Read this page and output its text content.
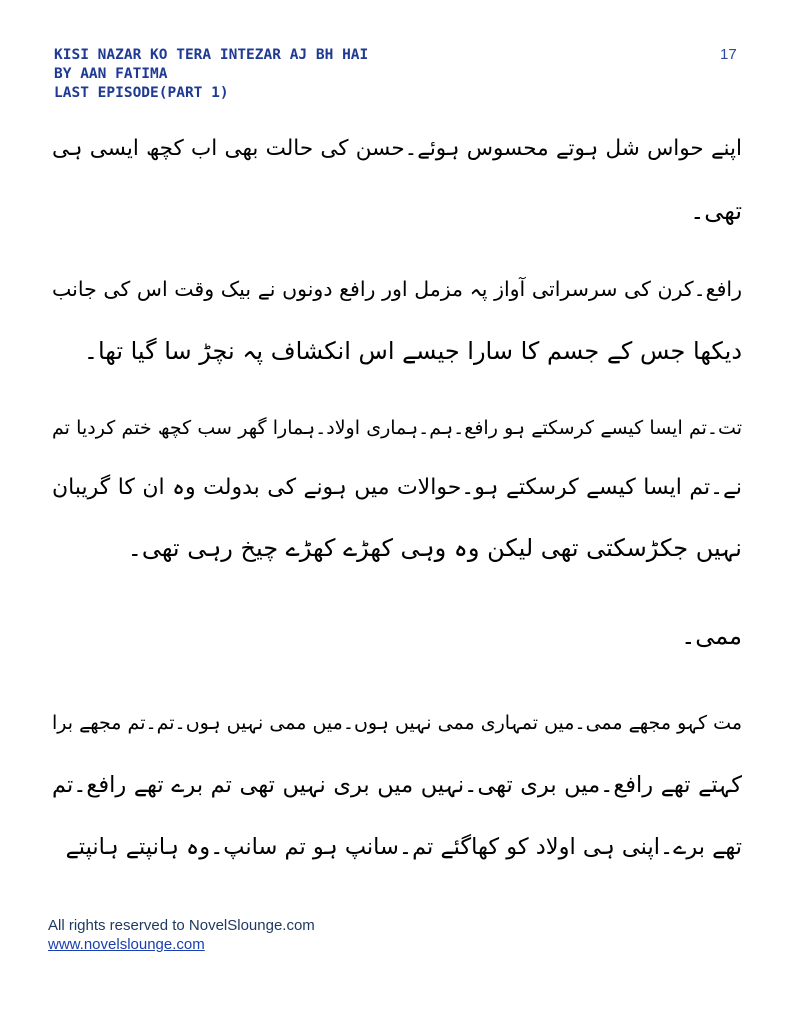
KISI NAZAR KO TERA INTEZAR AJ BH HAI
BY AAN FATIMA
LAST EPISODE(PART 1)
17

اپنے حواس شل ہوتے محسوس ہوئے۔حسن کی حالت بھی اب کچھ ایسی ہی
تھی۔

رافع۔کرن کی سرسراتی آواز پہ مزمل اور رافع دونوں نے بیک وقت اس کی جانب
دیکھا جس کے جسم کا سارا جیسے اس انکشاف پہ نچڑ سا گیا تھا۔

تت۔تم ایسا کیسے کرسکتے ہو رافع۔ہم۔ہماری اولاد۔ہمارا گھر سب کچھ ختم کردیا تم
نے۔تم ایسا کیسے کرسکتے ہو۔حوالات میں ہونے کی بدولت وہ ان کا گریبان
نہیں جکڑسکتی تھی لیکن وہ وہی کھڑے کھڑے چیخ رہی تھی۔

ممی۔

مت کہو مجھے ممی۔میں تمہاری ممی نہیں ہوں۔میں ممی نہیں ہوں۔تم۔تم مجھے برا
کہتے تھے رافع۔میں بری تھی۔نہیں میں بری نہیں تھی تم برے تھے رافع۔تم
تھے برے۔اپنی ہی اولاد کو کھاگئے تم۔سانپ ہو تم سانپ۔وہ ہانپتے ہانپتے

All rights reserved to NovelSlounge.com
www.novelslounge.com
